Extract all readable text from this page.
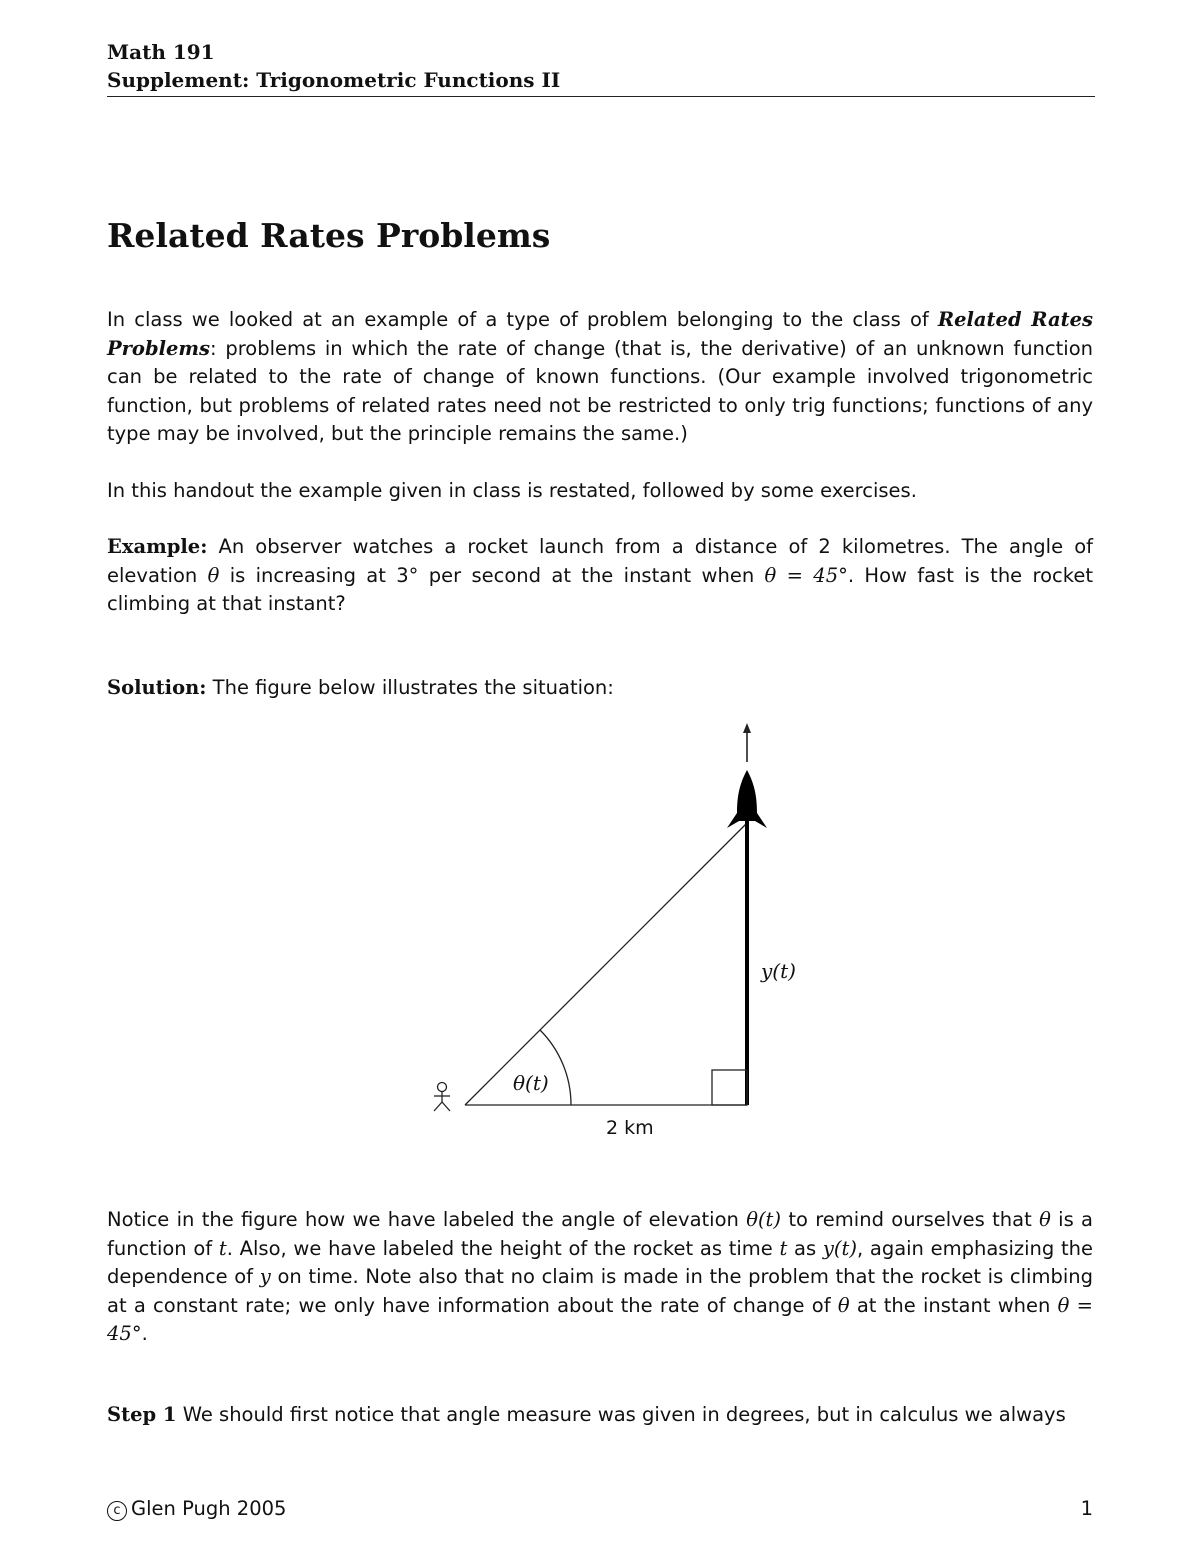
Math 191
Supplement: Trigonometric Functions II
Related Rates Problems
In class we looked at an example of a type of problem belonging to the class of Related Rates Problems: problems in which the rate of change (that is, the derivative) of an unknown function can be related to the rate of change of known functions. (Our example involved trigonometric function, but problems of related rates need not be restricted to only trig functions; functions of any type may be involved, but the principle remains the same.)
In this handout the example given in class is restated, followed by some exercises.
Example: An observer watches a rocket launch from a distance of 2 kilometres. The angle of elevation θ is increasing at 3° per second at the instant when θ = 45°. How fast is the rocket climbing at that instant?
Solution: The figure below illustrates the situation:
y(t)
θ(t)
2 km
Notice in the figure how we have labeled the angle of elevation θ(t) to remind ourselves that θ is a function of t. Also, we have labeled the height of the rocket as time t as y(t), again emphasizing the dependence of y on time. Note also that no claim is made in the problem that the rocket is climbing at a constant rate; we only have information about the rate of change of θ at the instant when θ = 45°.
Step 1 We should first notice that angle measure was given in degrees, but in calculus we always
c Glen Pugh 2005	1
